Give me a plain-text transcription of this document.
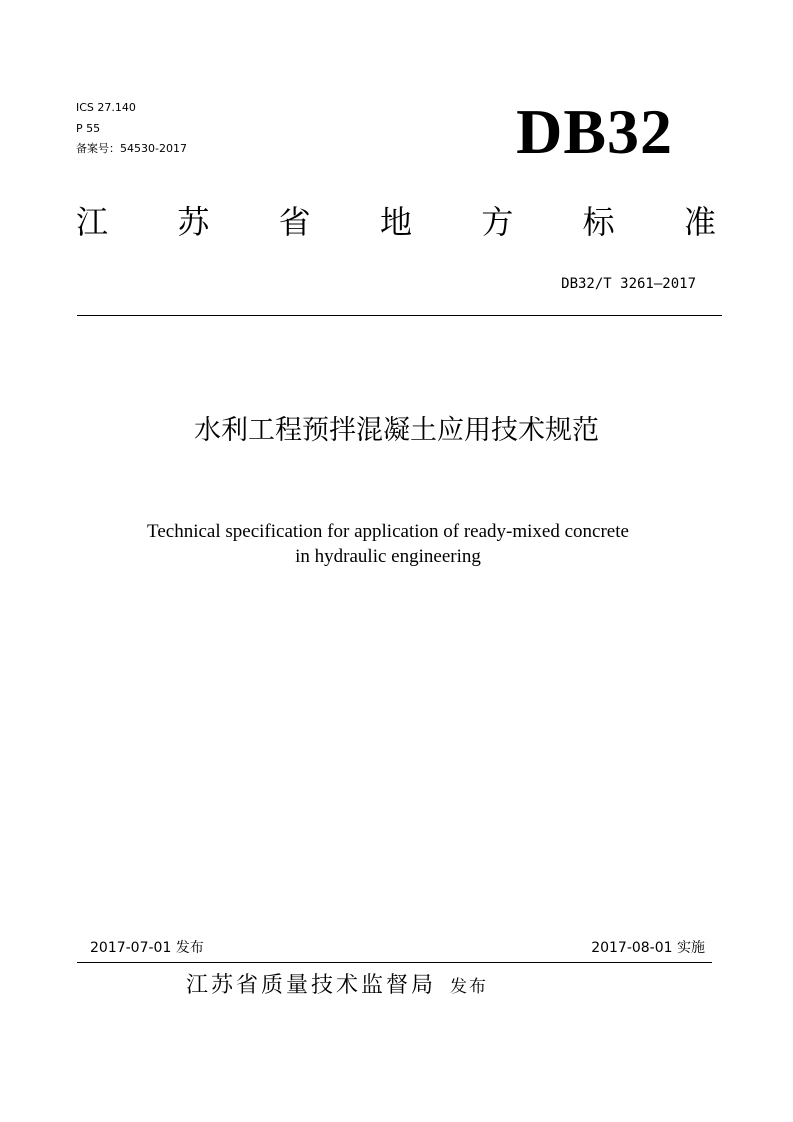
ICS 27.140
P 55
备案号：54530-2017	DB32
江 苏 省 地 方 标 准
DB32/T 3261—2017
水利工程预拌混凝土应用技术规范
Technical specification for application of ready-mixed concrete
in hydraulic engineering
2017-07-01 发布	2017-08-01 实施
江苏省质量技术监督局 发布
